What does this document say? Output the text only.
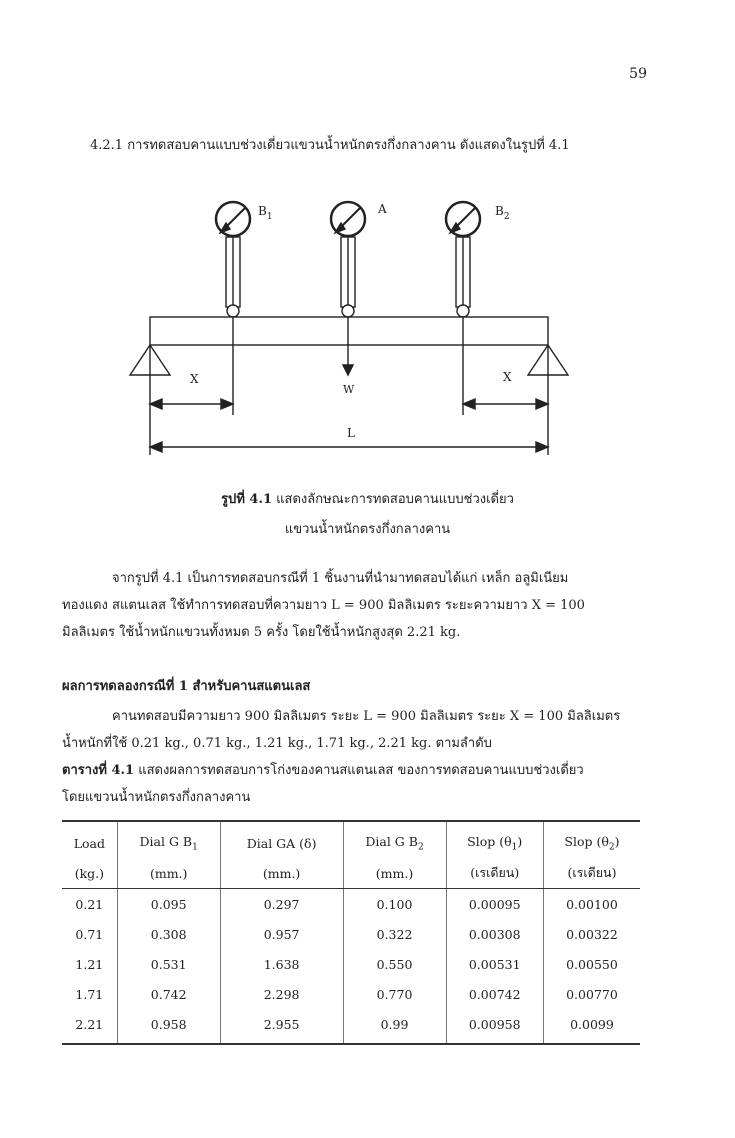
59
4.2.1 การทดสอบคานแบบช่วงเดี่ยวแขวนน้ำหนักตรงกึ่งกลางคาน ดังแสดงในรูปที่ 4.1
$B_1$
A	$B_2$
X	X
W
L
รูปที่ 4.1 แสดงลักษณะการทดสอบคานแบบช่วงเดี่ยว
แขวนน้ำหนักตรงกึ่งกลางคาน
จากรูปที่ 4.1 เป็นการทดสอบกรณีที่ 1 ชิ้นงานที่นำมาทดสอบได้แก่ เหล็ก อลูมิเนียม
ทองแดง สแตนเลส ใช้ทำการทดสอบที่ความยาว L = 900 มิลลิเมตร ระยะความยาว X = 100
มิลลิเมตร ใช้น้ำหนักแขวนทั้งหมด 5 ครั้ง โดยใช้น้ำหนักสูงสุด 2.21 kg.
ผลการทดลองกรณีที่ 1 สำหรับคานสแตนเลส
คานทดสอบมีความยาว 900 มิลลิเมตร ระยะ L = 900 มิลลิเมตร ระยะ X = 100 มิลลิเมตร
น้ำหนักที่ใช้ 0.21 kg., 0.71 kg., 1.21 kg., 1.71 kg., 2.21 kg. ตามลำดับ
ตารางที่ 4.1 แสดงผลการทดสอบการโก่งของคานสแตนเลส ของการทดสอบคานแบบช่วงเดี่ยว
โดยแขวนน้ำหนักตรงกึ่งกลางคาน
Load	Dial G $B_1$	Dial GA (δ)	Dial G $B_2$	Slop $(\theta_1)$	Slop $(\theta_2)$
(kg.)	(mm.)	(mm.)	(mm.)	(เรเดียน)	(เรเดียน)
0.21	0.095	0.297	0.100	0.00095	0.00100
0.71	0.308	0.957	0.322	0.00308	0.00322
1.21	0.531	1.638	0.550	0.00531	0.00550
1.71	0.742	2.298	0.770	0.00742	0.00770
2.21	0.958	2.955	0.99	0.00958	0.0099
